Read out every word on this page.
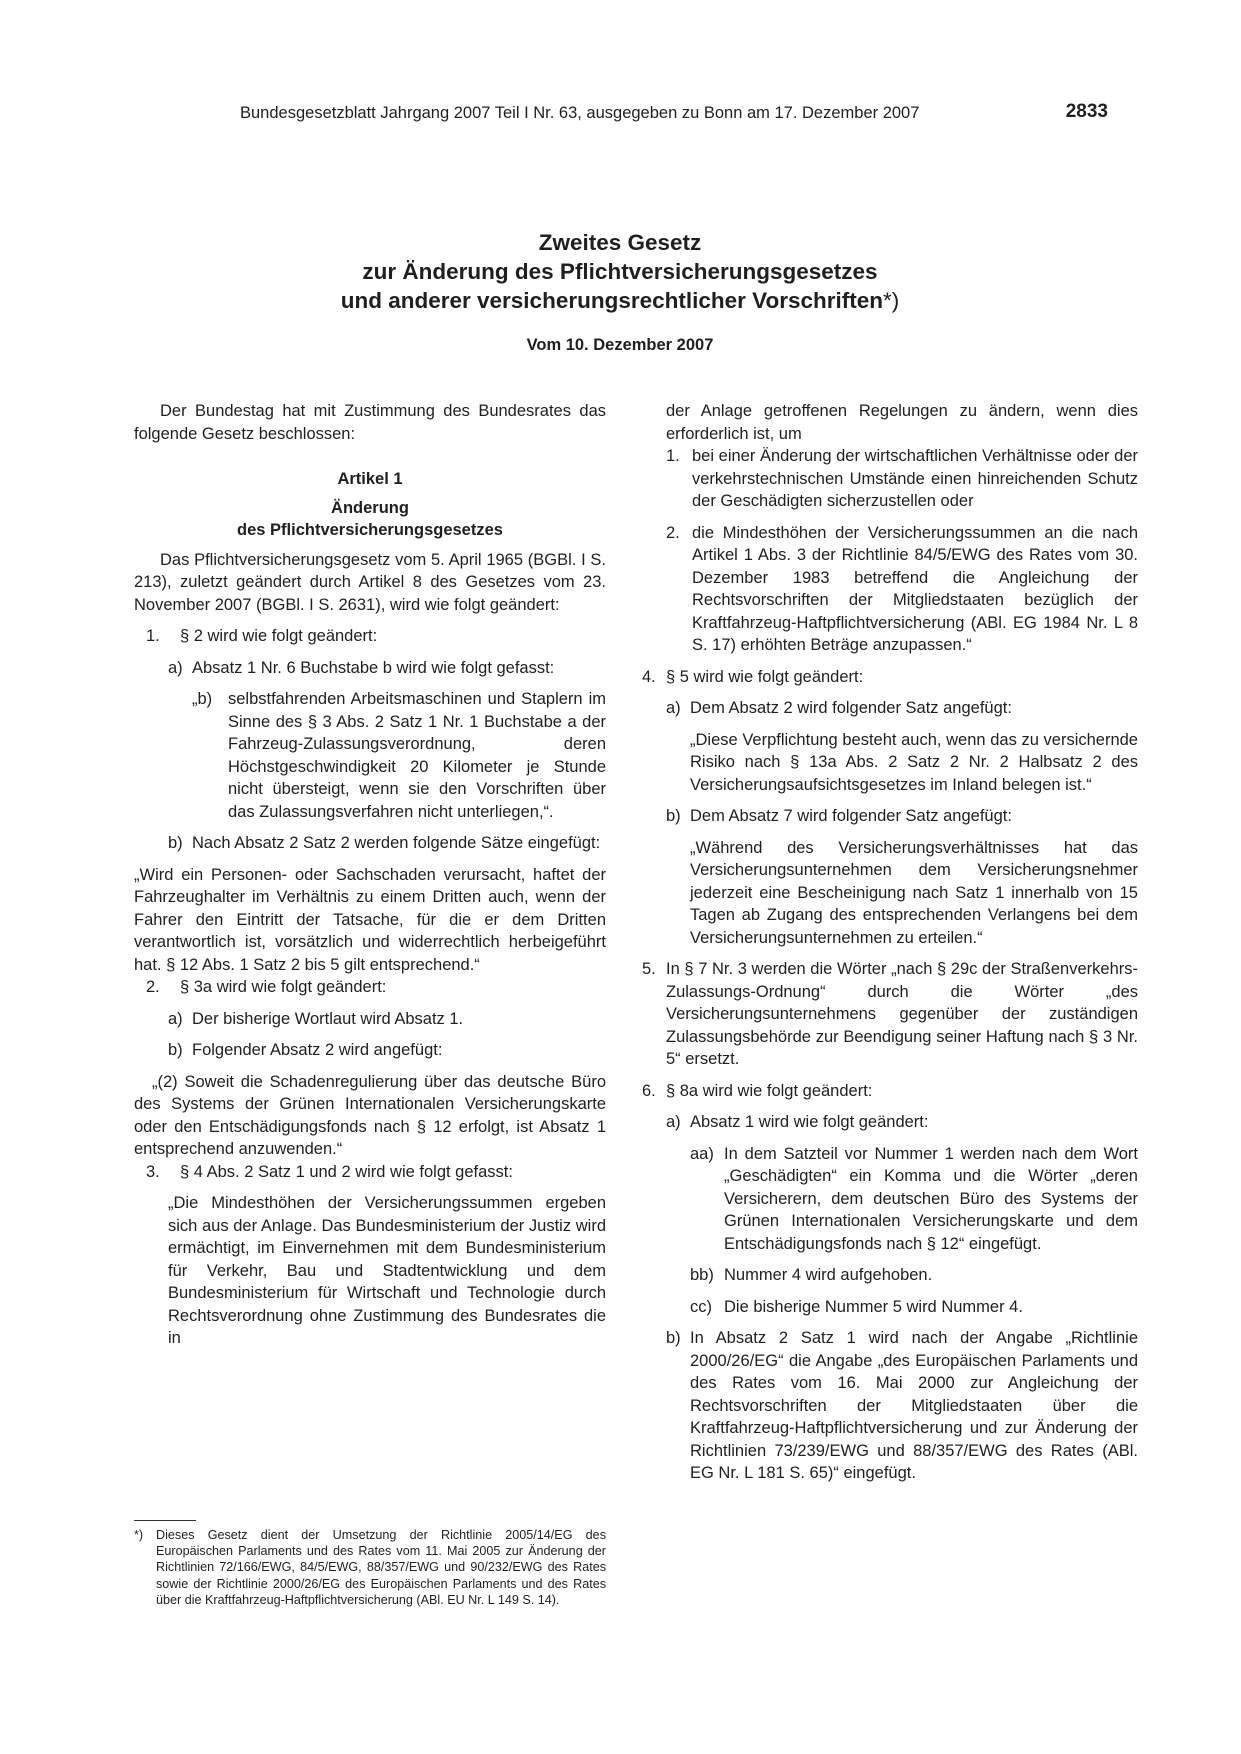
Bundesgesetzblatt Jahrgang 2007 Teil I Nr. 63, ausgegeben zu Bonn am 17. Dezember 2007	2833
Zweites Gesetz
zur Änderung des Pflichtversicherungsgesetzes
und anderer versicherungsrechtlicher Vorschriften*)
Vom 10. Dezember 2007

Der Bundestag hat mit Zustimmung des Bundesrates das folgende Gesetz beschlossen:

Artikel 1

Änderung

des Pflichtversicherungsgesetzes

Das Pflichtversicherungsgesetz vom 5. April 1965 (BGBl. I S. 213), zuletzt geändert durch Artikel 8 des Gesetzes vom 23. November 2007 (BGBl. I S. 2631), wird wie folgt geändert:

1. § 2 wird wie folgt geändert:
a) Absatz 1 Nr. 6 Buchstabe b wird wie folgt gefasst:
„b) selbstfahrenden Arbeitsmaschinen und Staplern im Sinne des § 3 Abs. 2 Satz 1 Nr. 1 Buchstabe a der Fahrzeug-Zulassungsverordnung, deren Höchstgeschwindigkeit 20 Kilometer je Stunde nicht übersteigt, wenn sie den Vorschriften über das Zulassungsverfahren nicht unterliegen,“.
b) Nach Absatz 2 Satz 2 werden folgende Sätze eingefügt:

„Wird ein Personen- oder Sachschaden verursacht, haftet der Fahrzeughalter im Verhältnis zu einem Dritten auch, wenn der Fahrer den Eintritt der Tatsache, für die er dem Dritten verantwortlich ist, vorsätzlich und widerrechtlich herbeigeführt hat. § 12 Abs. 1 Satz 2 bis 5 gilt entsprechend.“

2. § 3a wird wie folgt geändert:
a) Der bisherige Wortlaut wird Absatz 1.
b) Folgender Absatz 2 wird angefügt:

„(2) Soweit die Schadenregulierung über das deutsche Büro des Systems der Grünen Internationalen Versicherungskarte oder den Entschädigungsfonds nach § 12 erfolgt, ist Absatz 1 entsprechend anzuwenden.“

3. § 4 Abs. 2 Satz 1 und 2 wird wie folgt gefasst:

„Die Mindesthöhen der Versicherungssummen ergeben sich aus der Anlage. Das Bundesministerium der Justiz wird ermächtigt, im Einvernehmen mit dem Bundesministerium für Verkehr, Bau und Stadtentwicklung und dem Bundesministerium für Wirtschaft und Technologie durch Rechtsverordnung ohne Zustimmung des Bundesrates die in

der Anlage getroffenen Regelungen zu ändern, wenn dies erforderlich ist, um

1. bei einer Änderung der wirtschaftlichen Verhältnisse oder der verkehrstechnischen Umstände einen hinreichenden Schutz der Geschädigten sicherzustellen oder
2. die Mindesthöhen der Versicherungssummen an die nach Artikel 1 Abs. 3 der Richtlinie 84/5/EWG des Rates vom 30. Dezember 1983 betreffend die Angleichung der Rechtsvorschriften der Mitgliedstaaten bezüglich der Kraftfahrzeug-Haftpflichtversicherung (ABl. EG 1984 Nr. L 8 S. 17) erhöhten Beträge anzupassen.“
4. § 5 wird wie folgt geändert:
a) Dem Absatz 2 wird folgender Satz angefügt:

„Diese Verpflichtung besteht auch, wenn das zu versichernde Risiko nach § 13a Abs. 2 Satz 2 Nr. 2 Halbsatz 2 des Versicherungsaufsichtsgesetzes im Inland belegen ist.“

b) Dem Absatz 7 wird folgender Satz angefügt:

„Während des Versicherungsverhältnisses hat das Versicherungsunternehmen dem Versicherungsnehmer jederzeit eine Bescheinigung nach Satz 1 innerhalb von 15 Tagen ab Zugang des entsprechenden Verlangens bei dem Versicherungsunternehmen zu erteilen.“

5. In § 7 Nr. 3 werden die Wörter „nach § 29c der Straßenverkehrs-Zulassungs-Ordnung“ durch die Wörter „des Versicherungsunternehmens gegenüber der zuständigen Zulassungsbehörde zur Beendigung seiner Haftung nach § 3 Nr. 5“ ersetzt.
6. § 8a wird wie folgt geändert:
a) Absatz 1 wird wie folgt geändert:
aa) In dem Satzteil vor Nummer 1 werden nach dem Wort „Geschädigten“ ein Komma und die Wörter „deren Versicherern, dem deutschen Büro des Systems der Grünen Internationalen Versicherungskarte und dem Entschädigungsfonds nach § 12“ eingefügt.
bb) Nummer 4 wird aufgehoben.
cc) Die bisherige Nummer 5 wird Nummer 4.
b) In Absatz 2 Satz 1 wird nach der Angabe „Richtlinie 2000/26/EG“ die Angabe „des Europäischen Parlaments und des Rates vom 16. Mai 2000 zur Angleichung der Rechtsvorschriften der Mitgliedstaaten über die Kraftfahrzeug-Haftpflichtversicherung und zur Änderung der Richtlinien 73/239/EWG und 88/357/EWG des Rates (ABl. EG Nr. L 181 S. 65)“ eingefügt.
*)	Dieses Gesetz dient der Umsetzung der Richtlinie 2005/14/EG des Europäischen Parlaments und des Rates vom 11. Mai 2005 zur Änderung der Richtlinien 72/166/EWG, 84/5/EWG, 88/357/EWG und 90/232/EWG des Rates sowie der Richtlinie 2000/26/EG des Europäischen Parlaments und des Rates über die Kraftfahrzeug-Haftpflichtversicherung (ABl. EU Nr. L 149 S. 14).
